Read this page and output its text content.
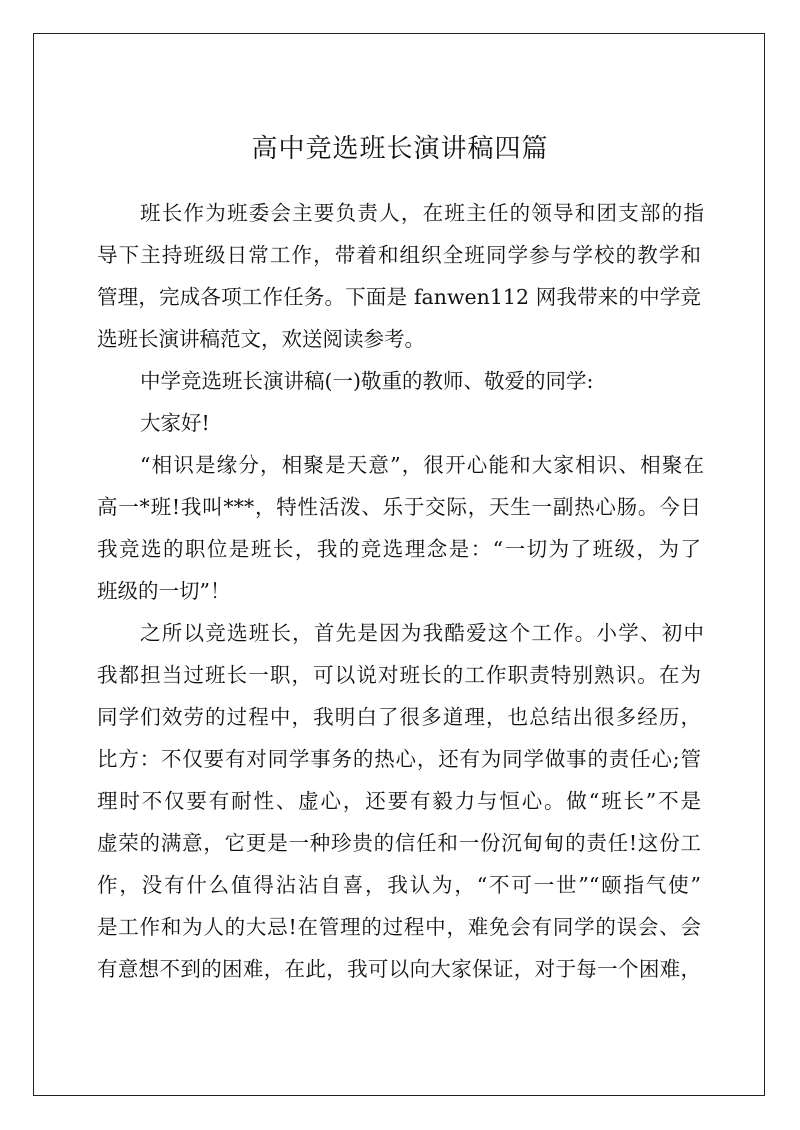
高中竞选班长演讲稿四篇

班长作为班委会主要负责人，在班主任的领导和团支部的指

导下主持班级日常工作，带着和组织全班同学参与学校的教学和

管理，完成各项工作任务。下面是 fanwen112 网我带来的中学竞

选班长演讲稿范文，欢送阅读参考。

中学竞选班长演讲稿(一)敬重的教师、敬爱的同学:

大家好!

“相识是缘分，相聚是天意”，很开心能和大家相识、相聚在

高一*班!我叫***，特性活泼、乐于交际，天生一副热心肠。今日

我竞选的职位是班长，我的竞选理念是：“一切为了班级，为了

班级的一切”！

之所以竞选班长，首先是因为我酷爱这个工作。小学、初中

我都担当过班长一职，可以说对班长的工作职责特别熟识。在为

同学们效劳的过程中，我明白了很多道理，也总结出很多经历，

比方：不仅要有对同学事务的热心，还有为同学做事的责任心;管

理时不仅要有耐性、虚心，还要有毅力与恒心。做“班长”不是

虚荣的满意，它更是一种珍贵的信任和一份沉甸甸的责任!这份工

作，没有什么值得沾沾自喜，我认为，“不可一世”“颐指气使”

是工作和为人的大忌!在管理的过程中，难免会有同学的误会、会

有意想不到的困难，在此，我可以向大家保证，对于每一个困难，
